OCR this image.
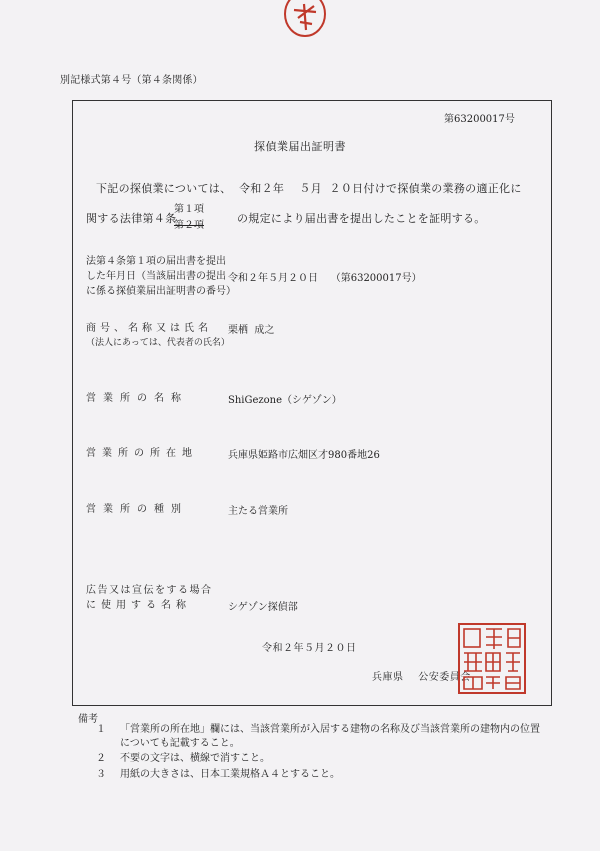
別記様式第４号（第４条関係）
第63200017号
探偵業届出証明書
下記の探偵業については、  令和２年    ５月  ２０日付けで探偵業の業務の適正化に
関する法律第４条
第１項
第２項
の規定により届出書を提出したことを証明する。
法第４条第１項の届出書を提出
した年月日（当該届出書の提出
に係る探偵業届出証明書の番号）
令和２年５月２０日    （第63200017号）
商号、名称又は氏名
（法人にあっては、代表者の氏名）
栗栖  成之
営業所の名称	ShiGezone（シゲゾン）
営業所の所在地	兵庫県姫路市広畑区才980番地26
営業所の種別	主たる営業所
広告又は宣伝をする場合
に使用する名称	シゲゾン探偵部
令和２年５月２０日
兵庫県    公安委員会
備考
１ 「営業所の所在地」欄には、当該営業所が入居する建物の名称及び当該営業所の建物内の位置についても記載すること。
２ 不要の文字は、横線で消すこと。
３ 用紙の大きさは、日本工業規格Ａ４とすること。
